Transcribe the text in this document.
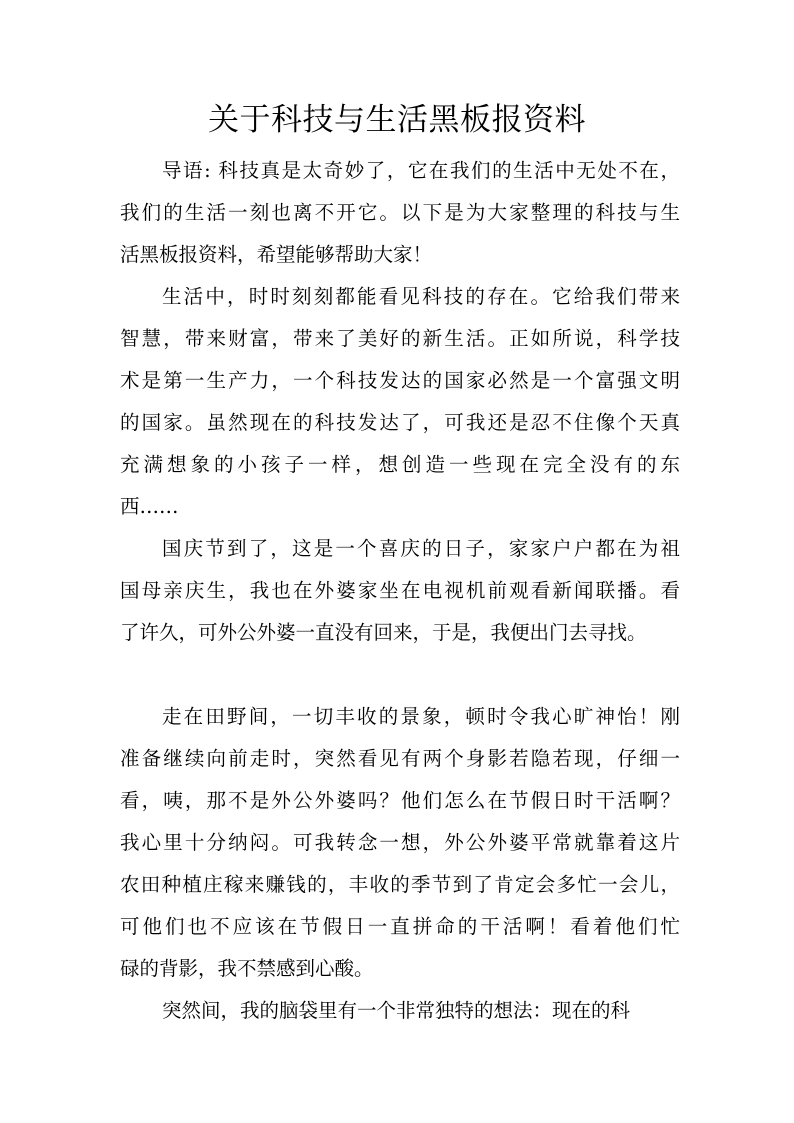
关于科技与生活黑板报资料
导语: 科技真是太奇妙了，它在我们的生活中无处不在，
我们的生活一刻也离不开它。以下是为大家整理的科技与生
活黑板报资料，希望能够帮助大家！
生活中，时时刻刻都能看见科技的存在。它给我们带来
智慧，带来财富，带来了美好的新生活。正如所说，科学技
术是第一生产力，一个科技发达的国家必然是一个富强文明
的国家。虽然现在的科技发达了，可我还是忍不住像个天真
充满想象的小孩子一样，想创造一些现在完全没有的东
西……
国庆节到了，这是一个喜庆的日子，家家户户都在为祖
国母亲庆生，我也在外婆家坐在电视机前观看新闻联播。看
了许久，可外公外婆一直没有回来，于是，我便出门去寻找。
走在田野间，一切丰收的景象，顿时令我心旷神怡！刚
准备继续向前走时，突然看见有两个身影若隐若现，仔细一
看，咦，那不是外公外婆吗？他们怎么在节假日时干活啊？
我心里十分纳闷。可我转念一想，外公外婆平常就靠着这片
农田种植庄稼来赚钱的，丰收的季节到了肯定会多忙一会儿，
可他们也不应该在节假日一直拼命的干活啊！看着他们忙
碌的背影，我不禁感到心酸。
突然间，我的脑袋里有一个非常独特的想法：现在的科
